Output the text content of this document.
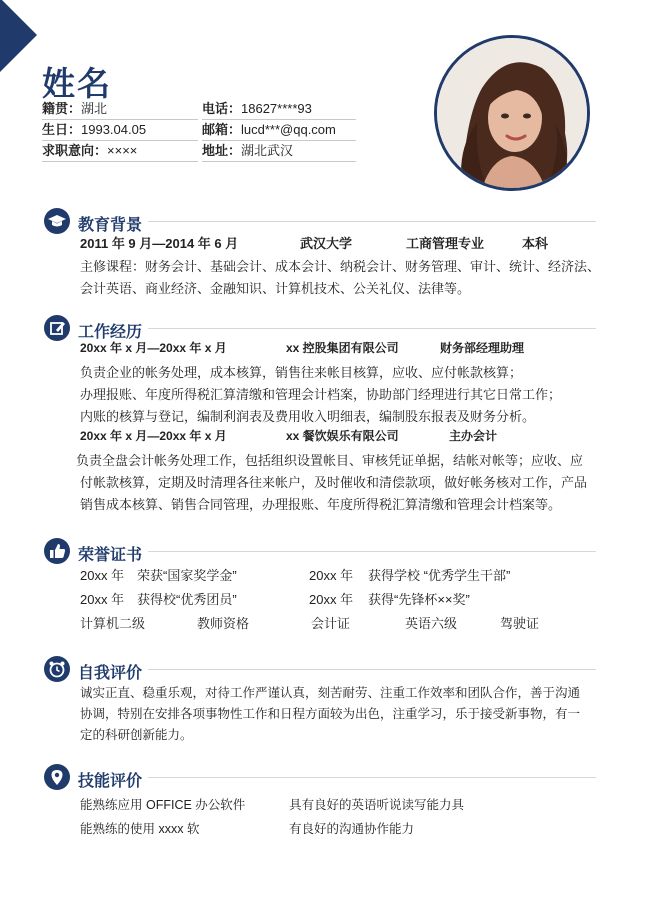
姓名
籍贯：湖北	电话：18627****93
生日：1993.04.05	邮箱：lucd***@qq.com
求职意向：××××	地址：湖北武汉
教育背景
2011 年 9 月—2014 年 6 月	武汉大学	工商管理专业	本科
主修课程：财务会计、基础会计、成本会计、纳税会计、财务管理、审计、统计、经济法、
会计英语、商业经济、金融知识、计算机技术、公关礼仪、法律等。
工作经历
20xx 年 x 月—20xx 年 x 月	xx 控股集团有限公司	财务部经理助理
负责企业的帐务处理，成本核算，销售往来帐目核算，应收、应付帐款核算；
办理报账、年度所得税汇算清缴和管理会计档案，协助部门经理进行其它日常工作；
内账的核算与登记，编制利润表及费用收入明细表，编制股东报表及财务分析。
20xx 年 x 月—20xx 年 x 月	xx 餐饮娱乐有限公司	主办会计
负责全盘会计帐务处理工作，包括组织设置帐目、审核凭证单据，结帐对帐等；应收、应
付帐款核算，定期及时清理各往来帐户，及时催收和清偿款项，做好帐务核对工作，产品
销售成本核算、销售合同管理，办理报账、年度所得税汇算清缴和管理会计档案等。
荣誉证书
20xx 年 荣获“国家奖学金”	20xx 年 获得学校 “优秀学生干部”
20xx 年 获得校“优秀团员”	20xx 年 获得“先锋杯××奖”
计算机二级	教师资格	会计证	英语六级	驾驶证
自我评价
诚实正直、稳重乐观，对待工作严谨认真，刻苦耐劳、注重工作效率和团队合作，善于沟通
协调，特别在安排各项事物性工作和日程方面较为出色，注重学习，乐于接受新事物，有一
定的科研创新能力。
技能评价
能熟练应用 OFFICE 办公软件	具有良好的英语听说读写能力具
能熟练的使用 xxxx 软	有良好的沟通协作能力
